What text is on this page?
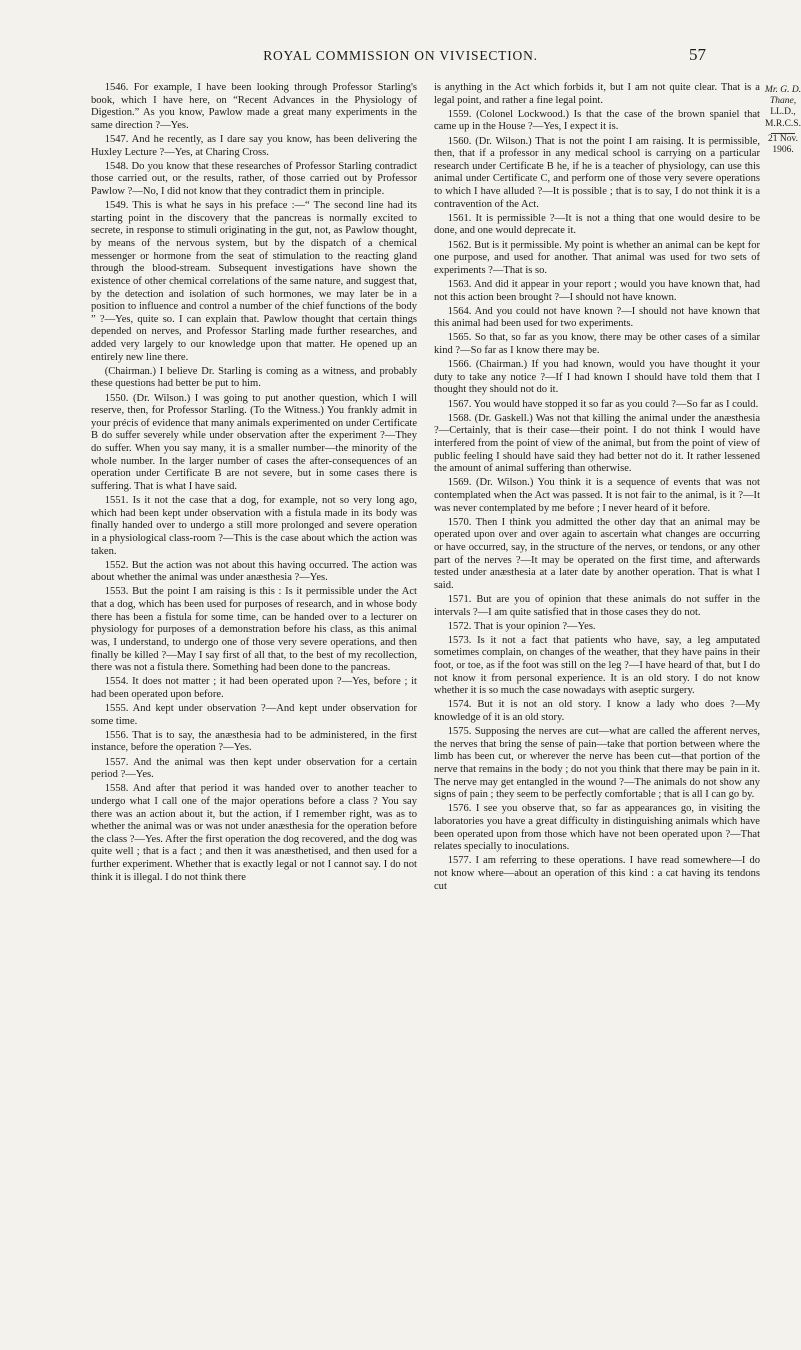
ROYAL COMMISSION ON VIVISECTION.	57
Mr. G. D. Thane,
LL.D., M.R.C.S.
21 Nov. 1906.

1546. For example, I have been looking through Professor Starling's book, which I have here, on “Recent Advances in the Physiology of Digestion.” As you know, Pawlow made a great many experiments in the same direction ?—Yes.

1547. And he recently, as I dare say you know, has been delivering the Huxley Lecture ?—Yes, at Charing Cross.

1548. Do you know that these researches of Professor Starling contradict those carried out, or the results, rather, of those carried out by Professor Pawlow ?—No, I did not know that they contradict them in principle.

1549. This is what he says in his preface :—“ The second line had its starting point in the discovery that the pancreas is normally excited to secrete, in response to stimuli originating in the gut, not, as Pawlow thought, by means of the nervous system, but by the dispatch of a chemical messenger or hormone from the seat of stimulation to the reacting gland through the blood-stream. Subsequent investigations have shown the existence of other chemical correlations of the same nature, and suggest that, by the detection and isolation of such hormones, we may later be in a position to influence and control a number of the chief functions of the body ” ?—Yes, quite so. I can explain that. Pawlow thought that certain things depended on nerves, and Professor Starling made further researches, and added very largely to our knowledge upon that matter. He opened up an entirely new line there.

(Chairman.) I believe Dr. Starling is coming as a witness, and probably these questions had better be put to him.

1550. (Dr. Wilson.) I was going to put another question, which I will reserve, then, for Professor Starling. (To the Witness.) You frankly admit in your précis of evidence that many animals experimented on under Certificate B do suffer severely while under observation after the experiment ?—They do suffer. When you say many, it is a smaller number—the minority of the whole number. In the larger number of cases the after-consequences of an operation under Certificate B are not severe, but in some cases there is suffering. That is what I have said.

1551. Is it not the case that a dog, for example, not so very long ago, which had been kept under observation with a fistula made in its body was finally handed over to undergo a still more prolonged and severe operation in a physiological class-room ?—This is the case about which the action was taken.

1552. But the action was not about this having occurred. The action was about whether the animal was under anæsthesia ?—Yes.

1553. But the point I am raising is this : Is it permissible under the Act that a dog, which has been used for purposes of research, and in whose body there has been a fistula for some time, can be handed over to a lecturer on physiology for purposes of a demonstration before his class, as this animal was, I understand, to undergo one of those very severe operations, and then finally be killed ?—May I say first of all that, to the best of my recollection, there was not a fistula there. Something had been done to the pancreas.

1554. It does not matter ; it had been operated upon ?—Yes, before ; it had been operated upon before.

1555. And kept under observation ?—And kept under observation for some time.

1556. That is to say, the anæsthesia had to be administered, in the first instance, before the operation ?—Yes.

1557. And the animal was then kept under observation for a certain period ?—Yes.

1558. And after that period it was handed over to another teacher to undergo what I call one of the major operations before a class ? You say there was an action about it, but the action, if I remember right, was as to whether the animal was or was not under anæsthesia for the operation before the class ?—Yes. After the first operation the dog recovered, and the dog was quite well ; that is a fact ; and then it was anæsthetised, and then used for a further experiment. Whether that is exactly legal or not I cannot say. I do not think it is illegal. I do not think there

is anything in the Act which forbids it, but I am not quite clear. That is a legal point, and rather a fine legal point.

1559. (Colonel Lockwood.) Is that the case of the brown spaniel that came up in the House ?—Yes, I expect it is.

1560. (Dr. Wilson.) That is not the point I am raising. It is permissible, then, that if a professor in any medical school is carrying on a particular research under Certificate B he, if he is a teacher of physiology, can use this animal under Certificate C, and perform one of those very severe operations to which I have alluded ?—It is possible ; that is to say, I do not think it is a contravention of the Act.

1561. It is permissible ?—It is not a thing that one would desire to be done, and one would deprecate it.

1562. But is it permissible. My point is whether an animal can be kept for one purpose, and used for another. That animal was used for two sets of experiments ?—That is so.

1563. And did it appear in your report ; would you have known that, had not this action been brought ?—I should not have known.

1564. And you could not have known ?—I should not have known that this animal had been used for two experiments.

1565. So that, so far as you know, there may be other cases of a similar kind ?—So far as I know there may be.

1566. (Chairman.) If you had known, would you have thought it your duty to take any notice ?—If I had known I should have told them that I thought they should not do it.

1567. You would have stopped it so far as you could ?—So far as I could.

1568. (Dr. Gaskell.) Was not that killing the animal under the anæsthesia ?—Certainly, that is their case—their point. I do not think I would have interfered from the point of view of the animal, but from the point of view of public feeling I should have said they had better not do it. It rather lessened the amount of animal suffering than otherwise.

1569. (Dr. Wilson.) You think it is a sequence of events that was not contemplated when the Act was passed. It is not fair to the animal, is it ?—It was never contemplated by me before ; I never heard of it before.

1570. Then I think you admitted the other day that an animal may be operated upon over and over again to ascertain what changes are occurring or have occurred, say, in the structure of the nerves, or tendons, or any other part of the nerves ?—It may be operated on the first time, and afterwards tested under anæsthesia at a later date by another operation. That is what I said.

1571. But are you of opinion that these animals do not suffer in the intervals ?—I am quite satisfied that in those cases they do not.

1572. That is your opinion ?—Yes.

1573. Is it not a fact that patients who have, say, a leg amputated sometimes complain, on changes of the weather, that they have pains in their foot, or toe, as if the foot was still on the leg ?—I have heard of that, but I do not know it from personal experience. It is an old story. I do not know whether it is so much the case nowadays with aseptic surgery.

1574. But it is not an old story. I know a lady who does ?—My knowledge of it is an old story.

1575. Supposing the nerves are cut—what are called the afferent nerves, the nerves that bring the sense of pain—take that portion between where the limb has been cut, or wherever the nerve has been cut—that portion of the nerve that remains in the body ; do not you think that there may be pain in it. The nerve may get entangled in the wound ?—The animals do not show any signs of pain ; they seem to be perfectly comfortable ; that is all I can go by.

1576. I see you observe that, so far as appearances go, in visiting the laboratories you have a great difficulty in distinguishing animals which have been operated upon from those which have not been operated upon ?—That relates specially to inoculations.

1577. I am referring to these operations. I have read somewhere—I do not know where—about an operation of this kind : a cat having its tendons cut
